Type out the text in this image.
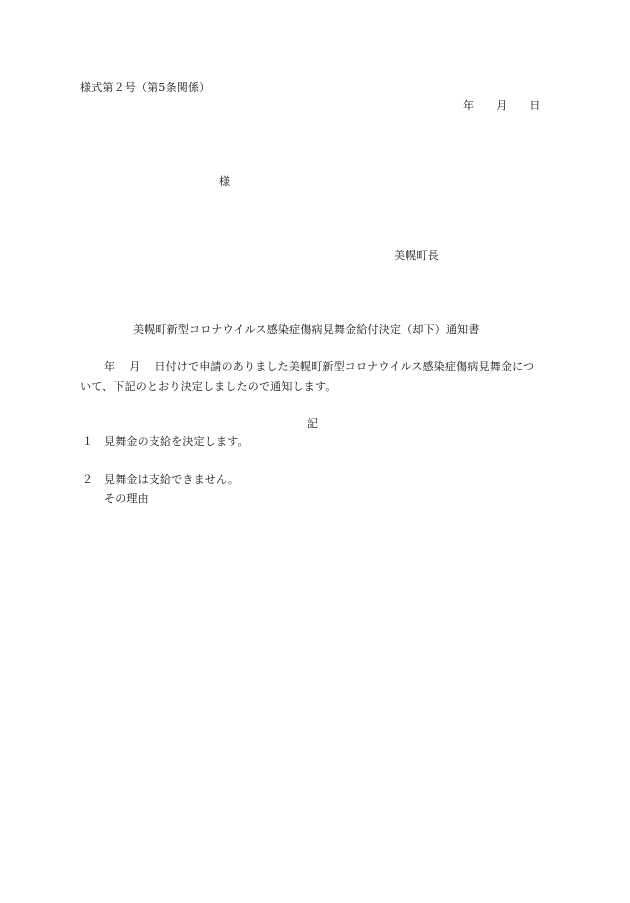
様式第２号（第5条関係）
年 月 日
様
美幌町長
美幌町新型コロナウイルス感染症傷病見舞金給付決定（却下）通知書
年 月 日付けで申請のありました美幌町新型コロナウイルス感染症傷病見舞金につ
いて、下記のとおり決定しましたので通知します。
記
１ 見舞金の支給を決定します。
２ 見舞金は支給できません。
その理由
